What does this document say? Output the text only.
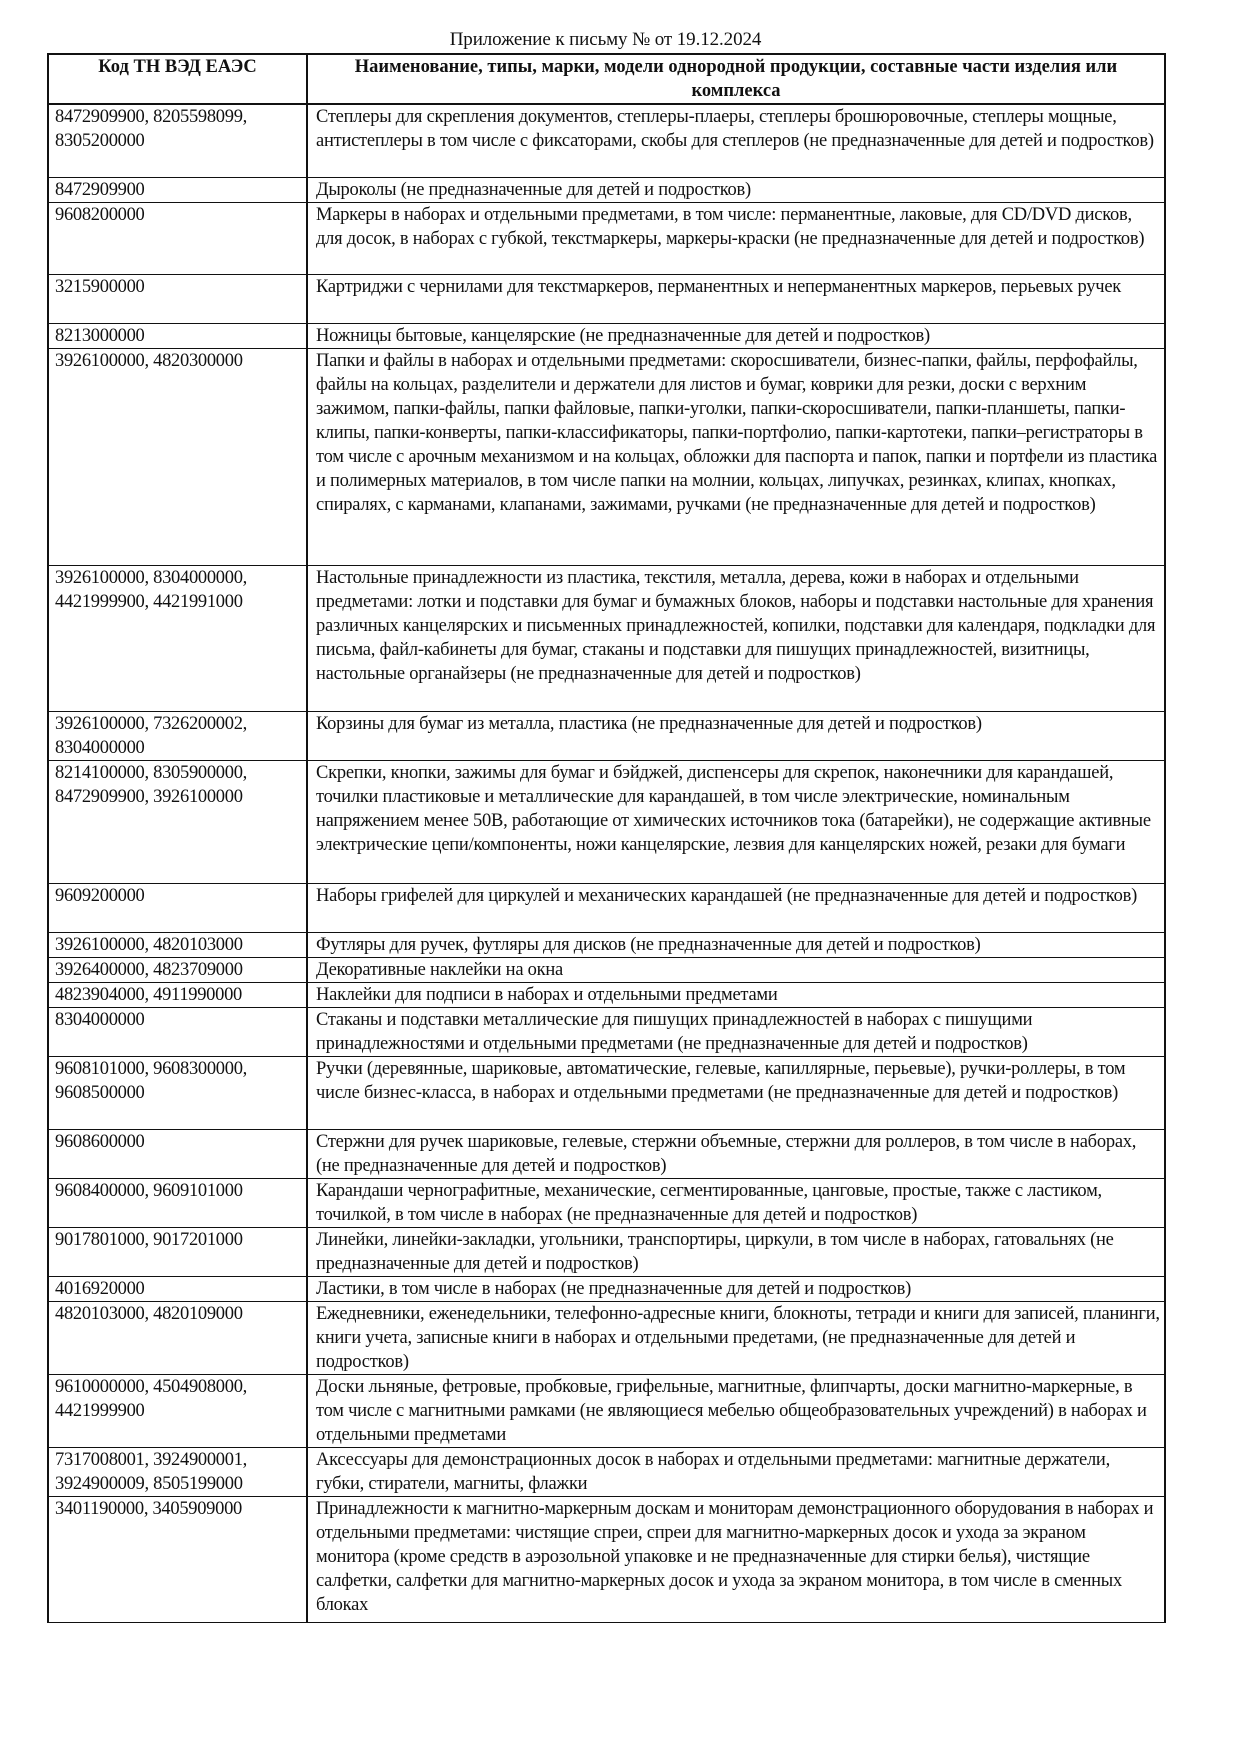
Приложение к письму № от 19.12.2024
Код ТН ВЭД ЕАЭС	Наименование, типы, марки, модели однородной продукции, составные части изделия или комплекса
8472909900, 8205598099, 8305200000	Степлеры для скрепления документов, степлеры-плаеры, степлеры брошюровочные, степлеры мощные, антистеплеры в том числе с фиксаторами, скобы для степлеров (не предназначенные для детей и подростков)
8472909900	Дыроколы (не предназначенные для детей и подростков)
9608200000	Маркеры в наборах и отдельными предметами, в том числе: перманентные, лаковые, для CD/DVD дисков, для досок, в наборах с губкой, текстмаркеры, маркеры-краски (не предназначенные для детей и подростков)
3215900000	Картриджи с чернилами для текстмаркеров, перманентных и неперманентных маркеров, перьевых ручек
8213000000	Ножницы бытовые, канцелярские (не предназначенные для детей и подростков)
3926100000, 4820300000	Папки и файлы в наборах и отдельными предметами: скоросшиватели, бизнес-папки, файлы, перфофайлы, файлы на кольцах, разделители и держатели для листов и бумаг, коврики для резки, доски с верхним зажимом, папки-файлы, папки файловые, папки-уголки, папки-скоросшиватели, папки-планшеты, папки-клипы, папки-конверты, папки-классификаторы, папки-портфолио, папки-картотеки, папки–регистраторы в том числе с арочным механизмом и на кольцах, обложки для паспорта и папок, папки и портфели из пластика и полимерных материалов, в том числе папки на молнии, кольцах, липучках, резинках, клипах, кнопках, спиралях, с карманами, клапанами, зажимами, ручками (не предназначенные для детей и подростков)
3926100000, 8304000000, 4421999900, 4421991000	Настольные принадлежности из пластика, текстиля, металла, дерева, кожи в наборах и отдельными предметами: лотки и подставки для бумаг и бумажных блоков, наборы и подставки настольные для хранения различных канцелярских и письменных принадлежностей, копилки, подставки для календаря, подкладки для письма, файл-кабинеты для бумаг, стаканы и подставки для пишущих принадлежностей, визитницы, настольные органайзеры (не предназначенные для детей и подростков)
3926100000, 7326200002, 8304000000	Корзины для бумаг из металла, пластика (не предназначенные для детей и подростков)
8214100000, 8305900000, 8472909900, 3926100000	Скрепки, кнопки, зажимы для бумаг и бэйджей, диспенсеры для скрепок, наконечники для карандашей, точилки пластиковые и металлические для карандашей, в том числе электрические, номинальным напряжением менее 50В, работающие от химических источников тока (батарейки), не содержащие активные электрические цепи/компоненты, ножи канцелярские, лезвия для канцелярских ножей, резаки для бумаги
9609200000	Наборы грифелей для циркулей и механических карандашей (не предназначенные для детей и подростков)
3926100000, 4820103000	Футляры для ручек, футляры для дисков (не предназначенные для детей и подростков)
3926400000, 4823709000	Декоративные наклейки на окна
4823904000, 4911990000	Наклейки для подписи в наборах и отдельными предметами
8304000000	Стаканы и подставки металлические для пишущих принадлежностей в наборах с пишущими принадлежностями и отдельными предметами (не предназначенные для детей и подростков)
9608101000, 9608300000, 9608500000	Ручки (деревянные, шариковые, автоматические, гелевые, капиллярные, перьевые), ручки-роллеры, в том числе бизнес-класса, в наборах и отдельными предметами (не предназначенные для детей и подростков)
9608600000	Стержни для ручек шариковые, гелевые, стержни объемные, стержни для роллеров, в том числе в наборах, (не предназначенные для детей и подростков)
9608400000, 9609101000	Карандаши чернографитные, механические, сегментированные, цанговые, простые, также с ластиком, точилкой, в том числе в наборах (не предназначенные для детей и подростков)
9017801000, 9017201000	Линейки, линейки-закладки, угольники, транспортиры, циркули, в том числе в наборах, гатовальнях (не предназначенные для детей и подростков)
4016920000	Ластики, в том числе в наборах (не предназначенные для детей и подростков)
4820103000, 4820109000	Ежедневники, еженедельники, телефонно-адресные книги, блокноты, тетради и книги для записей, планинги, книги учета, записные книги в наборах и отдельными предетами, (не предназначенные для детей и подростков)
9610000000, 4504908000, 4421999900	Доски льняные, фетровые, пробковые, грифельные, магнитные, флипчарты, доски магнитно-маркерные, в том числе с магнитными рамками (не являющиеся мебелью общеобразовательных учреждений) в наборах и отдельными предметами
7317008001, 3924900001, 3924900009, 8505199000	Аксессуары для демонстрационных досок в наборах и отдельными предметами: магнитные держатели, губки, стиратели, магниты, флажки
3401190000, 3405909000	Принадлежности к магнитно-маркерным доскам и мониторам демонстрационного оборудования в наборах и отдельными предметами: чистящие спреи, спреи для магнитно-маркерных досок и ухода за экраном монитора (кроме средств в аэрозольной упаковке и не предназначенные для стирки белья), чистящие салфетки, салфетки для магнитно-маркерных досок и ухода за экраном монитора, в том числе в сменных блоках
